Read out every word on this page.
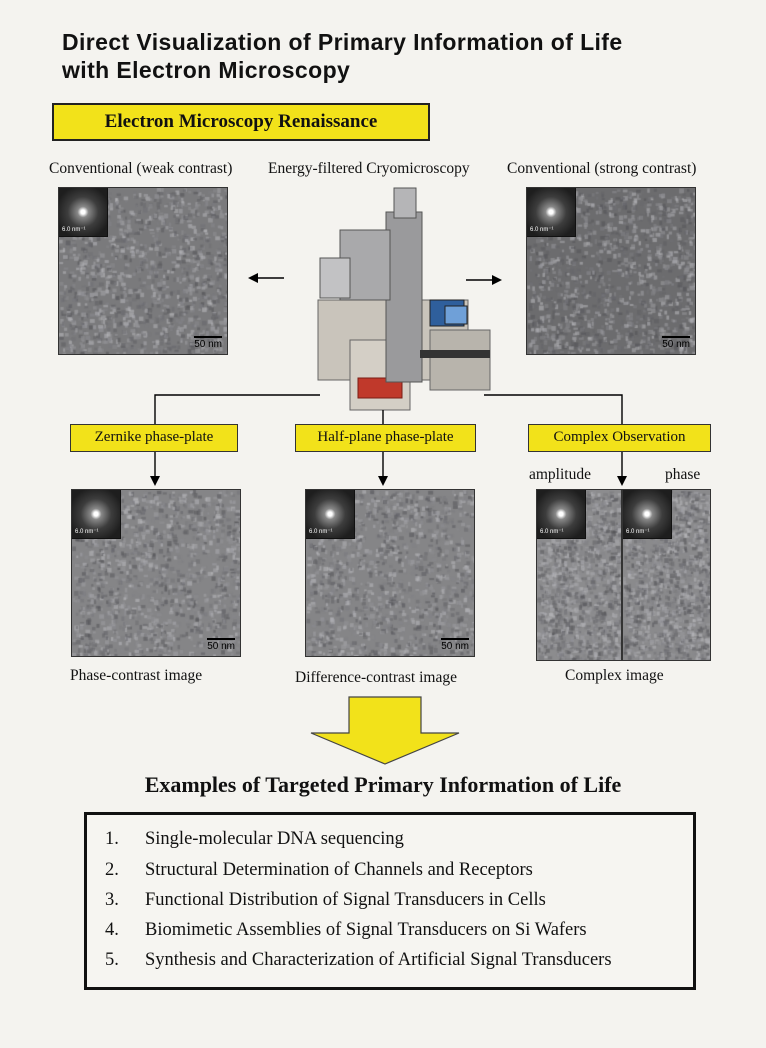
Direct Visualization of Primary Information of Life
with Electron Microscopy
Electron Microscopy Renaissance
Conventional (weak contrast) Energy-filtered Cryomicroscopy Conventional (strong contrast)
6.0 nm⁻¹
50 nm
6.0 nm⁻¹
50 nm
Zernike phase-plate	Half-plane phase-plate	Complex Observation
amplitude	phase
6.0 nm⁻¹
50 nm
6.0 nm⁻¹
50 nm
6.0 nm⁻¹	6.0 nm⁻¹
Phase-contrast image	Difference-contrast image	Complex image
Examples of Targeted Primary Information of Life
1. Single-molecular DNA sequencing
2. Structural Determination of Channels and Receptors
3. Functional Distribution of Signal Transducers in Cells
4. Biomimetic Assemblies of Signal Transducers on Si Wafers
5. Synthesis and Characterization of Artificial Signal Transducers
